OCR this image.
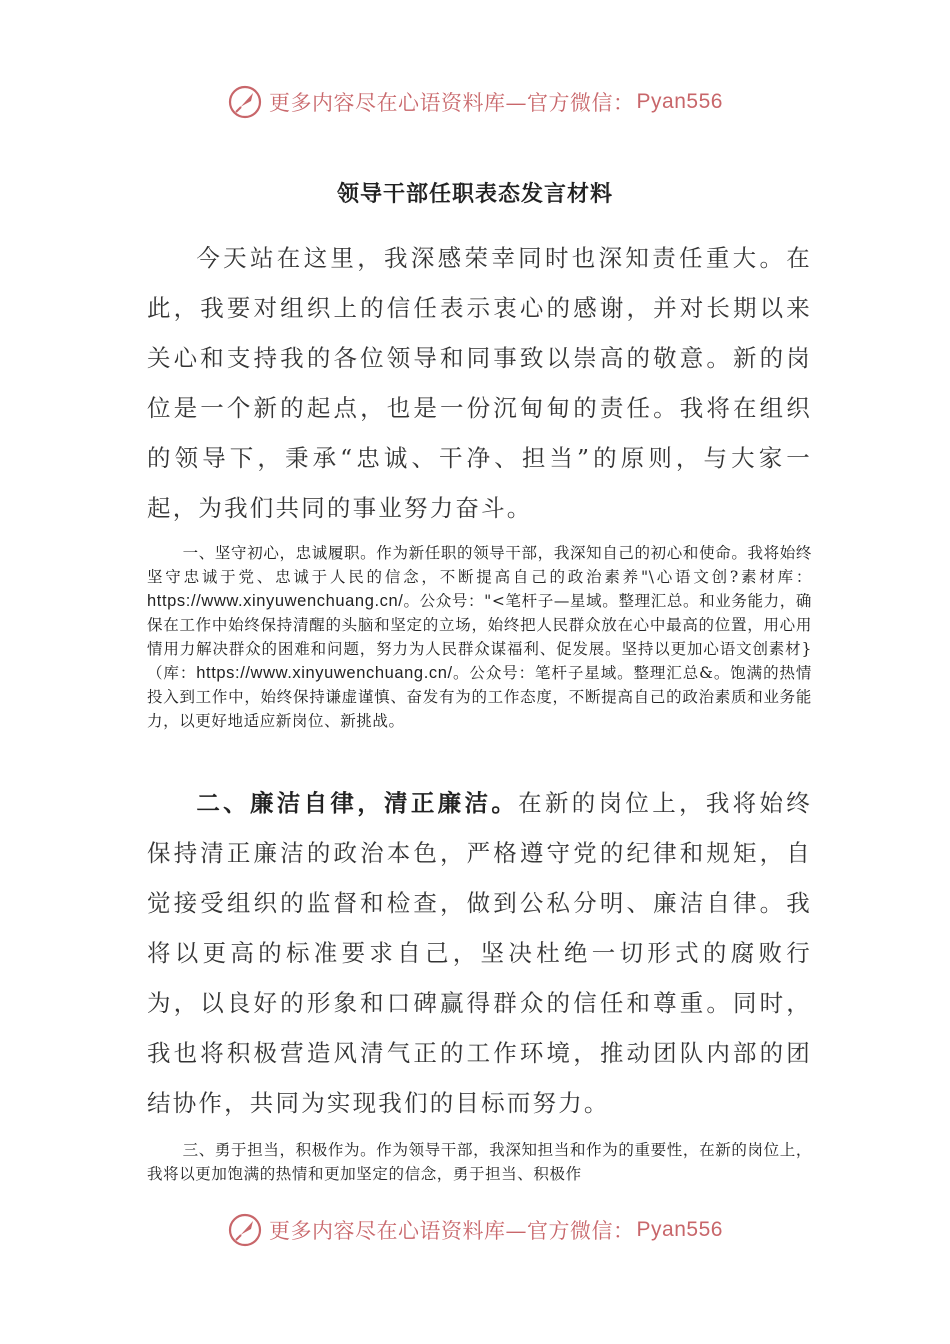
更多内容尽在心语资料库—官方微信： Pyan556
领导干部任职表态发言材料

今天站在这里，我深感荣幸同时也深知责任重大。在此，我要对组织上的信任表示衷心的感谢，并对长期以来关心和支持我的各位领导和同事致以崇高的敬意。新的岗位是一个新的起点，也是一份沉甸甸的责任。我将在组织的领导下，秉承“忠诚、干净、担当”的原则，与大家一起，为我们共同的事业努力奋斗。

一、坚守初心，忠诚履职。作为新任职的领导干部，我深知自己的初心和使命。我将始终坚守忠诚于党、忠诚于人民的信念，不断提高自己的政治素养"\心语文创?素材库：https://www.xinyuwenchuang.cn/。公众号："<笔杆子—星域。整理汇总。和业务能力，确保在工作中始终保持清醒的头脑和坚定的立场，始终把人民群众放在心中最高的位置，用心用情用力解决群众的困难和问题，努力为人民群众谋福利、促发展。坚持以更加心语文创素材}（库：https://www.xinyuwenchuang.cn/。公众号：笔杆子星域。整理汇总&。饱满的热情投入到工作中，始终保持谦虚谨慎、奋发有为的工作态度，不断提高自己的政治素质和业务能力，以更好地适应新岗位、新挑战。

二、廉洁自律，清正廉洁。在新的岗位上，我将始终保持清正廉洁的政治本色，严格遵守党的纪律和规矩，自觉接受组织的监督和检查，做到公私分明、廉洁自律。我将以更高的标准要求自己，坚决杜绝一切形式的腐败行为，以良好的形象和口碑赢得群众的信任和尊重。同时，我也将积极营造风清气正的工作环境，推动团队内部的团结协作，共同为实现我们的目标而努力。

三、勇于担当，积极作为。作为领导干部，我深知担当和作为的重要性，在新的岗位上，我将以更加饱满的热情和更加坚定的信念，勇于担当、积极作

更多内容尽在心语资料库—官方微信： Pyan556
